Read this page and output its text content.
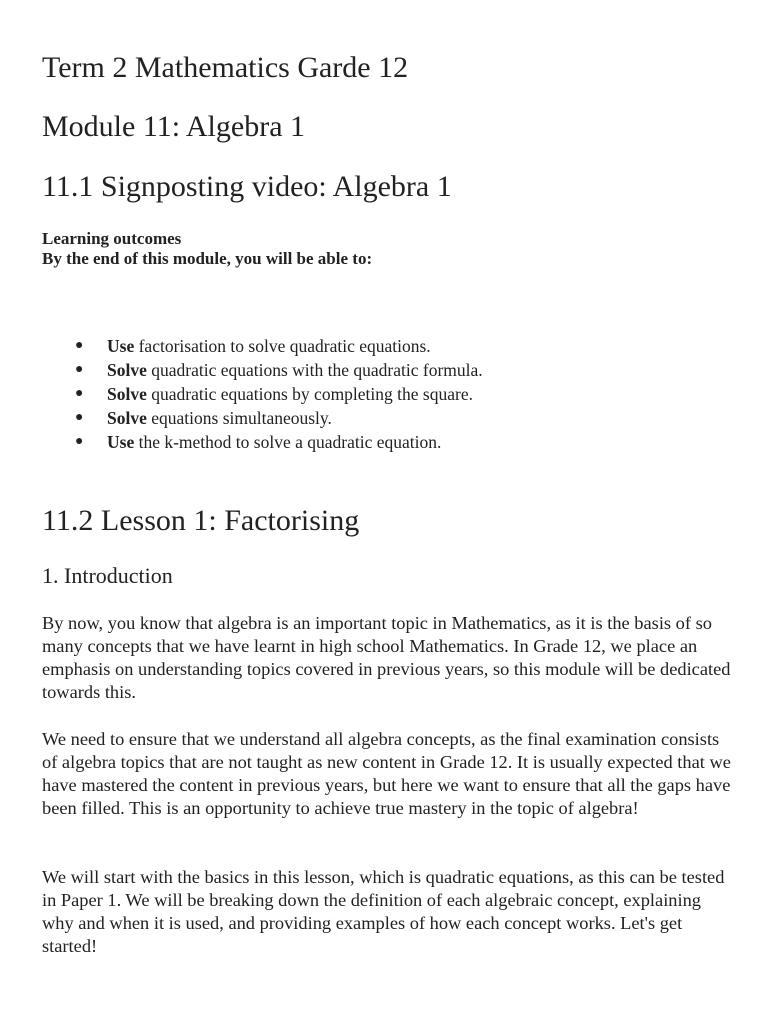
Term 2 Mathematics Garde 12
Module 11: Algebra 1
11.1 Signposting video: Algebra 1
Learning outcomes
By the end of this module, you will be able to:
● Use factorisation to solve quadratic equations.
● Solve quadratic equations with the quadratic formula.
● Solve quadratic equations by completing the square.
● Solve equations simultaneously.
● Use the k-method to solve a quadratic equation.
11.2 Lesson 1: Factorising
1. Introduction

By now, you know that algebra is an important topic in Mathematics, as it is the basis of so many concepts that we have learnt in high school Mathematics. In Grade 12, we place an emphasis on understanding topics covered in previous years, so this module will be dedicated towards this.

We need to ensure that we understand all algebra concepts, as the final examination consists of algebra topics that are not taught as new content in Grade 12. It is usually expected that we have mastered the content in previous years, but here we want to ensure that all the gaps have been filled. This is an opportunity to achieve true mastery in the topic of algebra!

We will start with the basics in this lesson, which is quadratic equations, as this can be tested in Paper 1. We will be breaking down the definition of each algebraic concept, explaining why and when it is used, and providing examples of how each concept works. Let's get started!
